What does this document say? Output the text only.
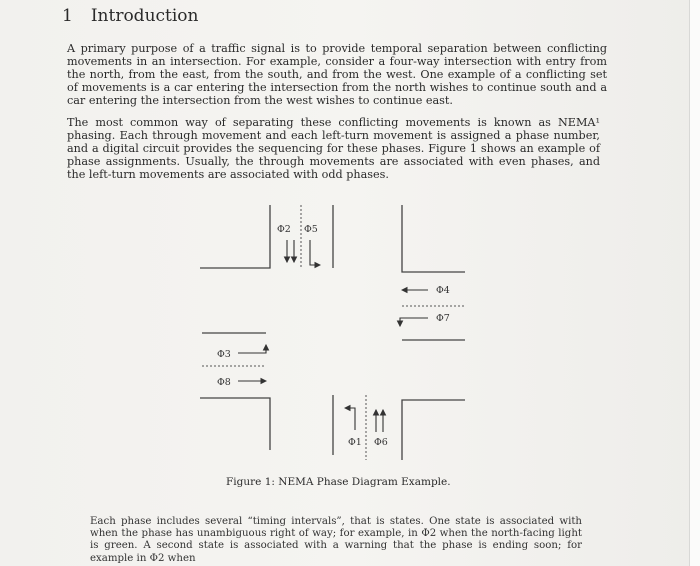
1 Introduction
A primary purpose of a traffic signal is to provide temporal separation between conflicting movements in an intersection. For example, consider a four-way intersection with entry from the north, from the east, from the south, and from the west. One example of a conflicting set of movements is a car entering the intersection from the north wishes to continue south and a car entering the intersection from the west wishes to continue east.
The most common way of separating these conflicting movements is known as NEMA¹ phasing. Each through movement and each left-turn movement is assigned a phase number, and a digital circuit provides the sequencing for these phases. Figure 1 shows an example of phase assignments. Usually, the through movements are associated with even phases, and the left-turn movements are associated with odd phases.
Φ2 Φ5
Φ4
Φ7
Φ3
Φ8
Φ1 Φ6
Figure 1: NEMA Phase Diagram Example.
Each phase includes several “timing intervals”, that is states. One state is associated with when the phase has unambiguous right of way; for example, in Φ2 when the north-facing light is green. A second state is associated with a warning that the phase is ending soon; for example in Φ2 when
